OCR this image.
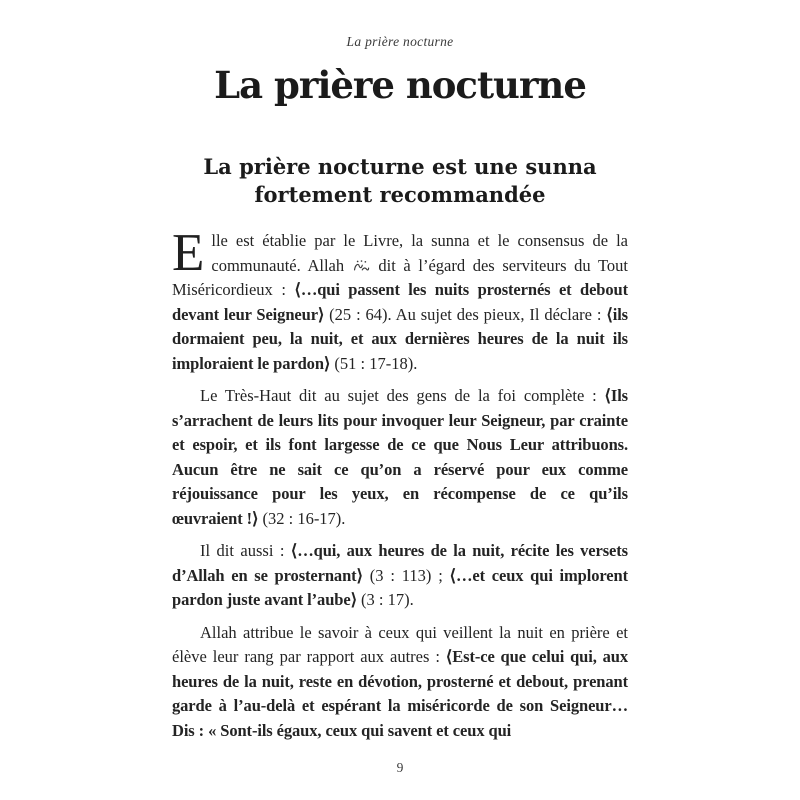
La prière nocturne
La prière nocturne
La prière nocturne est une sunna fortement recommandée

Elle est établie par le Livre, la sunna et le consensus de la communauté. Allah  dit à l’égard des serviteurs du Tout Miséricordieux : ⟨…qui passent les nuits prosternés et debout devant leur Seigneur⟩ (25 : 64). Au sujet des pieux, Il déclare : ⟨ils dormaient peu, la nuit, et aux dernières heures de la nuit ils imploraient le pardon⟩ (51 : 17-18).

Le Très-Haut dit au sujet des gens de la foi complète : ⟨Ils s’arrachent de leurs lits pour invoquer leur Seigneur, par crainte et espoir, et ils font largesse de ce que Nous Leur attribuons. Aucun être ne sait ce qu’on a réservé pour eux comme réjouissance pour les yeux, en récompense de ce qu’ils œuvraient !⟩ (32 : 16-17).

Il dit aussi : ⟨…qui, aux heures de la nuit, récite les versets d’Allah en se prosternant⟩ (3 : 113) ; ⟨…et ceux qui implorent pardon juste avant l’aube⟩ (3 : 17).

Allah attribue le savoir à ceux qui veillent la nuit en prière et élève leur rang par rapport aux autres : ⟨Est-ce que celui qui, aux heures de la nuit, reste en dévotion, prosterné et debout, prenant garde à l’au-delà et espérant la miséricorde de son Seigneur… Dis : « Sont-ils égaux, ceux qui savent et ceux qui

9
